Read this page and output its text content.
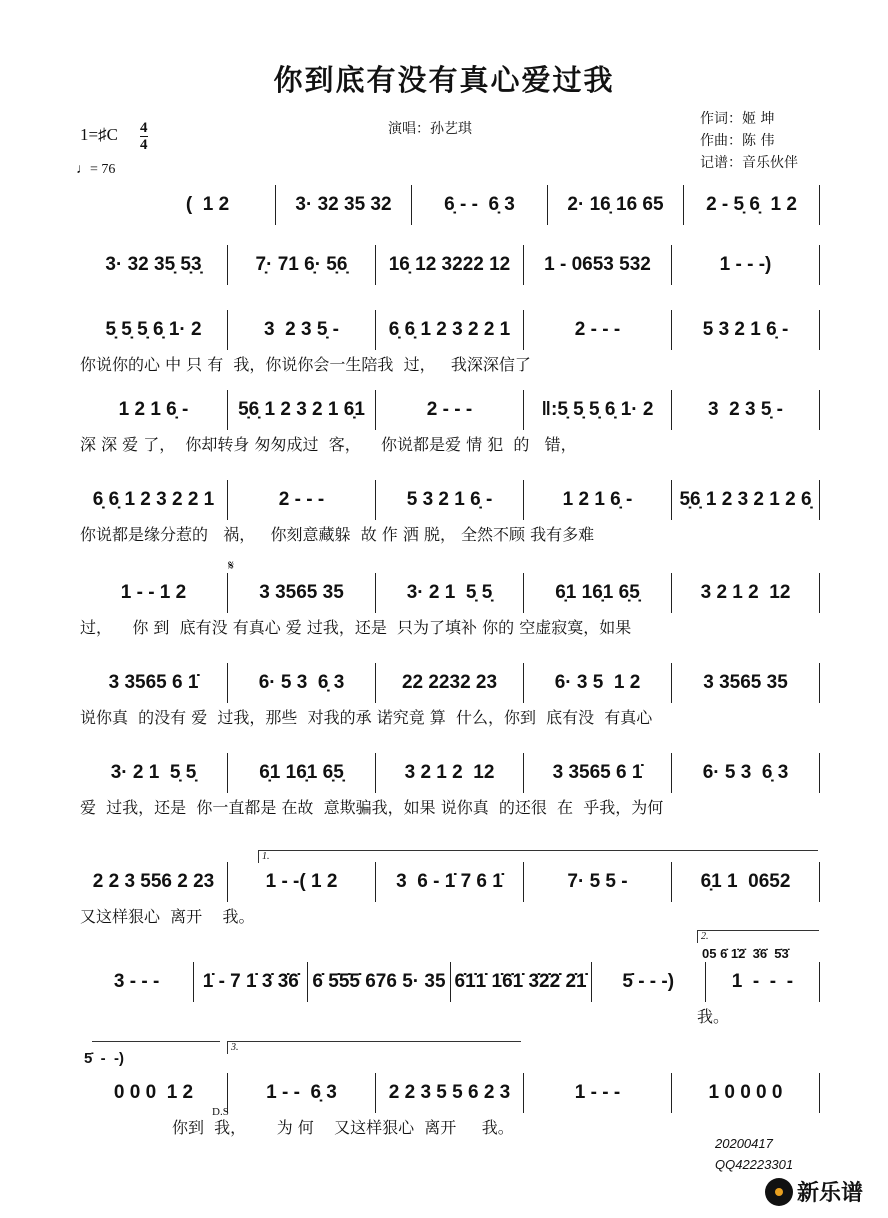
你到底有没有真心爱过我
演唱：孙艺琪
作词：姬 坤
作曲：陈 伟
记谱：音乐伙伴
1=♯C 4
4
♩= 76
𝄋
D.S
1.
2.
3.
05 6̇ 1̇2̇  3̇6̇  5̇3̇
5̇  -  -)
(  1 2	3· 32 35 32	6̣ - -  6̣ 3	2· 16̣ 16 65	2 - 5̣ 6̣  1 2
3· 32 35̣ 5̣3̣	7̣· 71 6̣· 5̣6̣	16̣ 12 3222 12	1 - 0653 532	1 - - -)
5̣ 5̣ 5̣ 6̣ 1· 2	3  2 3 5̣ -	6̣ 6̣ 1 2 3 2 2 1	2 - - -	5 3 2 1 6̣ -
你说你的心 中 只 有  我，你说你会一生陪我  过，   我深深信了
1 2 1 6̣ -	5̣6̣ 1 2 3 2 1 6̣1	2 - - -	‖:5̣ 5̣ 5̣ 6̣ 1· 2	3  2 3 5̣ -
深 深 爱 了，  你却转身 匆匆成过  客，    你说都是爱 情 犯  的   错，
6̣ 6̣ 1 2 3 2 2 1	2 - - -	5 3 2 1 6̣ -	1 2 1 6̣ -	5̣6̣ 1 2 3 2 1 2 6̣
你说都是缘分惹的   祸，   你刻意藏躲  故 作 洒 脱， 全然不顾 我有多难
1 - - 1 2	3 3565 35	3· 2 1  5̣ 5̣	6̣1 16̣1 6̣5̣	3 2 1 2  12
过，    你 到  底有没 有真心 爱 过我，还是  只为了填补 你的 空虚寂寞，如果
3 3565 6 1̇	6· 5 3  6̣ 3	22 2232 23	6· 3 5  1 2	3 3565 35
说你真  的没有 爱  过我，那些  对我的承 诺究竟 算  什么，你到  底有没  有真心
3· 2 1  5̣ 5̣	6̣1 16̣1 6̣5̣	3 2 1 2  12	3 3565 6 1̇	6· 5 3  6̣ 3
爱  过我，还是  你一直都是 在故  意欺骗我，如果 说你真  的还很  在  乎我，为何
2 2 3 556 2 23	1 - -( 1 2	3  6 - 1̇ 7 6 1̇	7· 5 5 -	6̣1 1  0652
又这样狠心  离开    我。
3 - - -	1̇ - 7 1̇ 3̇ 3̇6̇ 6̇ 5̇5̇5̇ 676 5· 35 6̇1̇1̇ 1̇6̇1̇ 3̇2̇2̇ 2̇1̇	5̇ - - -)	1  -  -  -
我。
0 0 0  1 2	1 - -  6̣ 3	2 2 3 5 5 6 2 3	1 - - -	1 0 0 0 0
你到  我，      为 何    又这样狠心  离开     我。
20200417
QQ42223301
新乐谱
